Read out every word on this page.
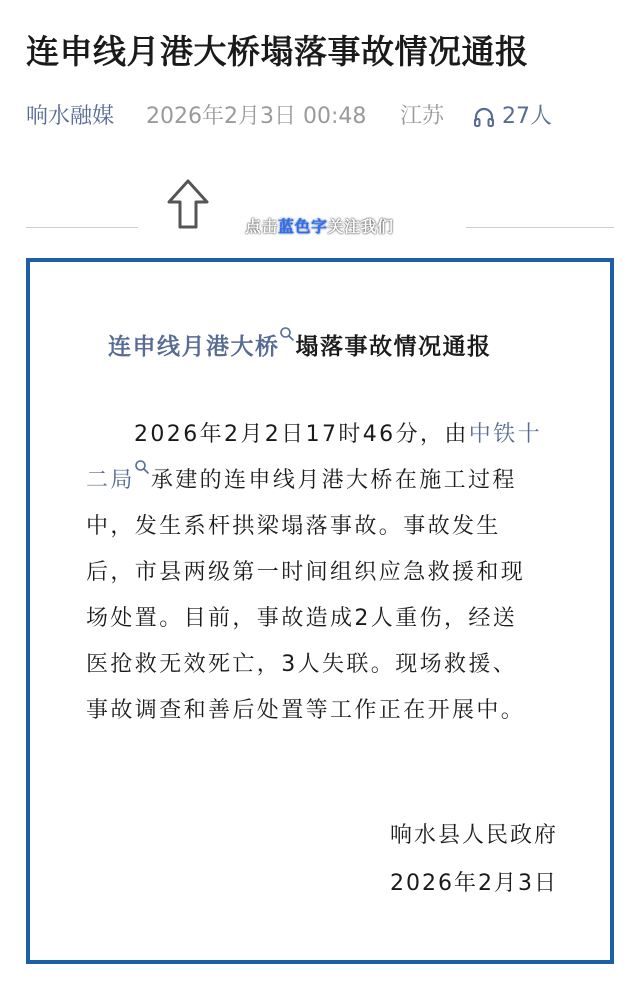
连申线月港大桥塌落事故情况通报
响水融媒 2026年2月3日 00:48 江苏	27人
点击蓝色字关注我们
连申线月港大桥 塌落事故情况通报
2026年2月2日17时46分，由中铁十
二局 承建的连申线月港大桥在施工过程
中，发生系杆拱梁塌落事故。事故发生
后，市县两级第一时间组织应急救援和现
场处置。目前，事故造成2人重伤，经送
医抢救无效死亡，3人失联。现场救援、
事故调查和善后处置等工作正在开展中。
响水县人民政府
2026年2月3日
